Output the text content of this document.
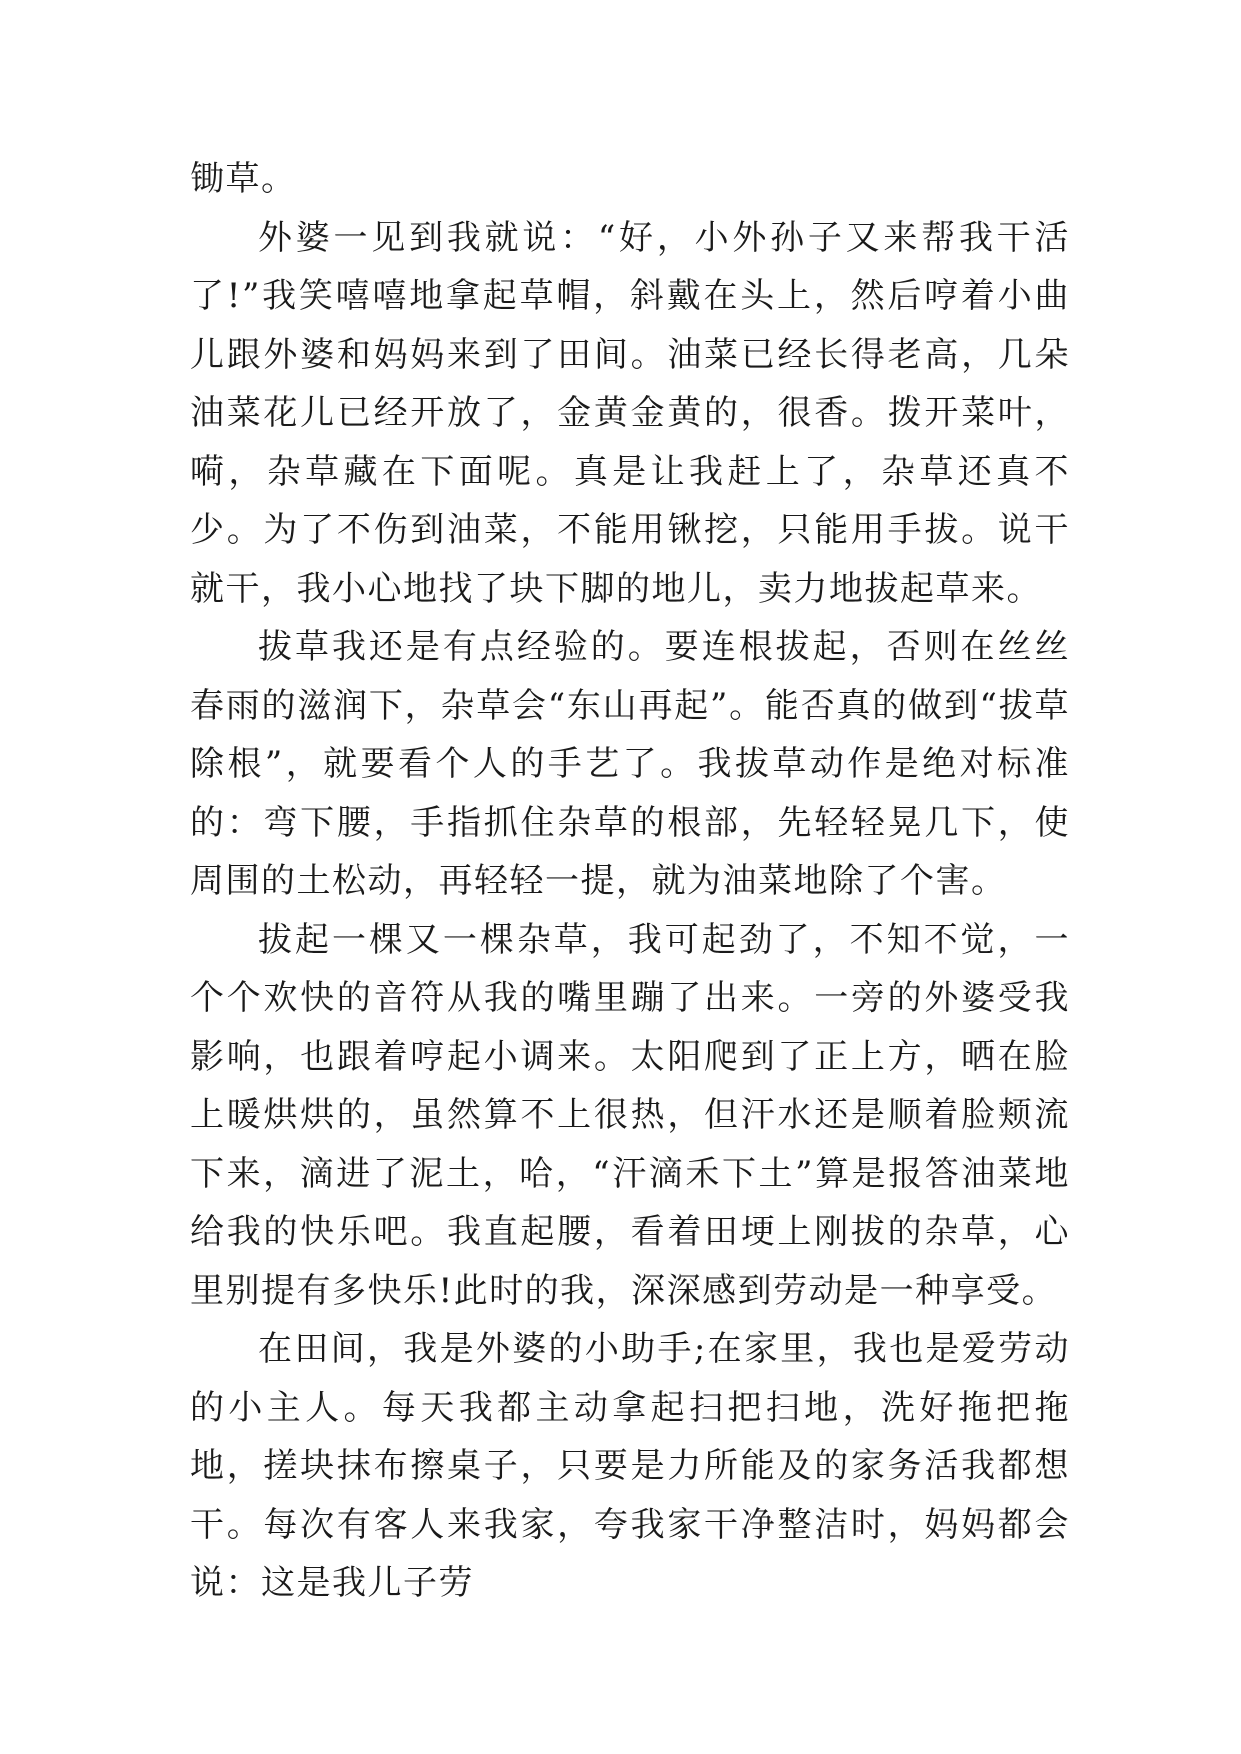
锄草。

外婆一见到我就说：“好，小外孙子又来帮我干活了!”我笑嘻嘻地拿起草帽，斜戴在头上，然后哼着小曲儿跟外婆和妈妈来到了田间。油菜已经长得老高，几朵油菜花儿已经开放了，金黄金黄的，很香。拨开菜叶，嗬，杂草藏在下面呢。真是让我赶上了，杂草还真不少。为了不伤到油菜，不能用锹挖，只能用手拔。说干就干，我小心地找了块下脚的地儿，卖力地拔起草来。

拔草我还是有点经验的。要连根拔起，否则在丝丝春雨的滋润下，杂草会“东山再起”。能否真的做到“拔草除根”，就要看个人的手艺了。我拔草动作是绝对标准的：弯下腰，手指抓住杂草的根部，先轻轻晃几下，使周围的土松动，再轻轻一提，就为油菜地除了个害。

拔起一棵又一棵杂草，我可起劲了，不知不觉，一个个欢快的音符从我的嘴里蹦了出来。一旁的外婆受我影响，也跟着哼起小调来。太阳爬到了正上方，晒在脸上暖烘烘的，虽然算不上很热，但汗水还是顺着脸颊流下来，滴进了泥土，哈，“汗滴禾下土”算是报答油菜地给我的快乐吧。我直起腰，看着田埂上刚拔的杂草，心里别提有多快乐!此时的我，深深感到劳动是一种享受。

在田间，我是外婆的小助手;在家里，我也是爱劳动的小主人。每天我都主动拿起扫把扫地，洗好拖把拖地，搓块抹布擦桌子，只要是力所能及的家务活我都想干。每次有客人来我家，夸我家干净整洁时，妈妈都会说：这是我儿子劳
